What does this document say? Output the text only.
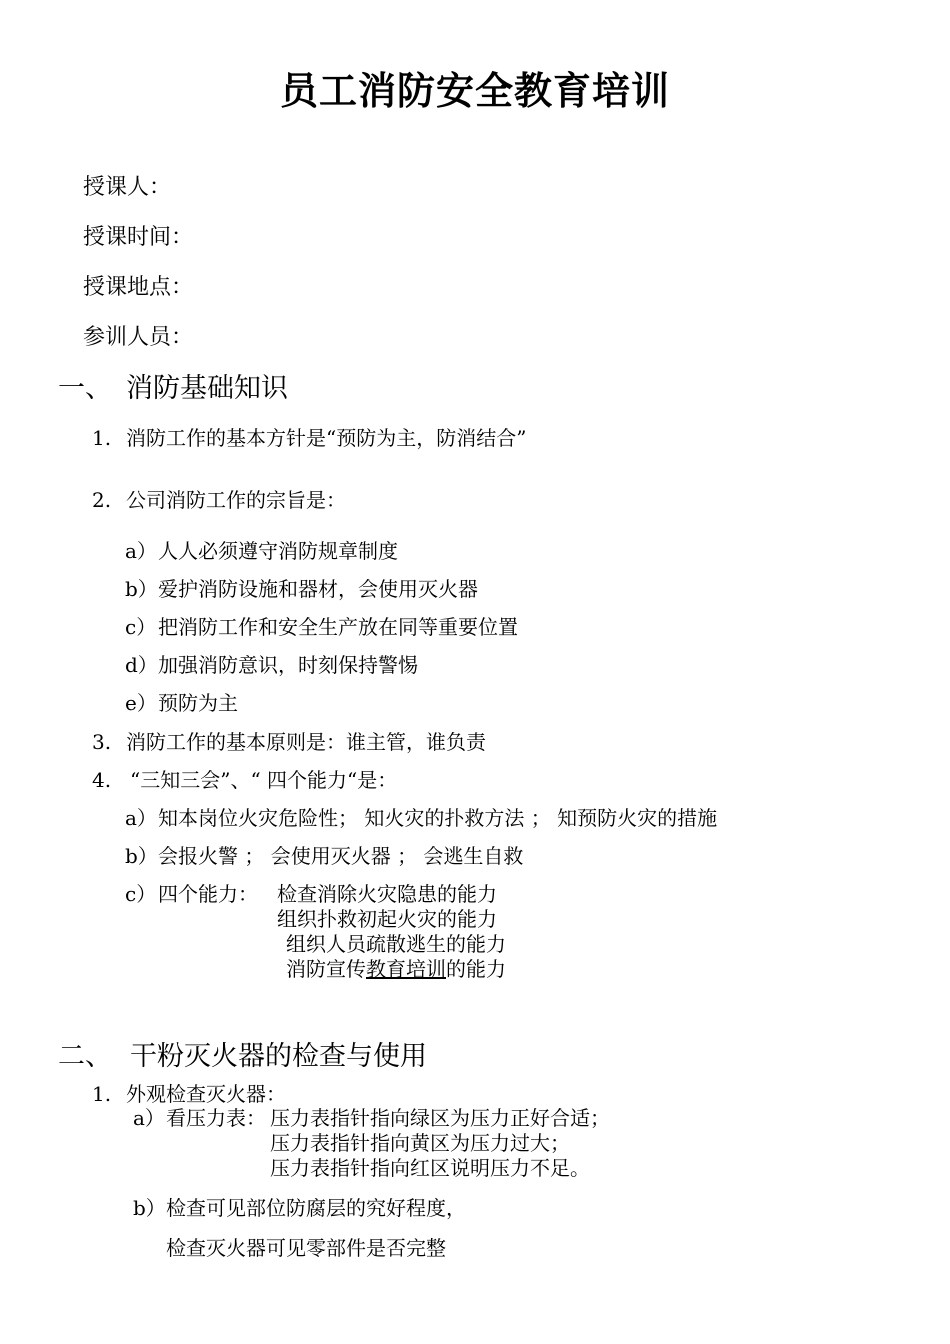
员工消防安全教育培训
授课人：
授课时间：
授课地点：
参训人员：
一、 消防基础知识
1. 消防工作的基本方针是“预防为主，防消结合”
2. 公司消防工作的宗旨是：
a） 人人必须遵守消防规章制度
b） 爱护消防设施和器材，会使用灭火器
c） 把消防工作和安全生产放在同等重要位置
d） 加强消防意识，时刻保持警惕
e） 预防为主
3. 消防工作的基本原则是：谁主管，谁负责
4. “三知三会”、“ 四个能力“是：
a） 知本岗位火灾危险性； 知火灾的扑救方法 ； 知预防火灾的措施
b） 会报火警 ； 会使用灭火器 ； 会逃生自救
c） 四个能力： 检查消除火灾隐患的能力
组织扑救初起火灾的能力
组织人员疏散逃生的能力
消防宣传教育培训的能力
二、 干粉灭火器的检查与使用
1. 外观检查灭火器：
a） 看压力表： 压力表指针指向绿区为压力正好合适；
压力表指针指向黄区为压力过大；
压力表指针指向红区说明压力不足。
b） 检查可见部位防腐层的究好程度，
检查灭火器可见零部件是否完整
